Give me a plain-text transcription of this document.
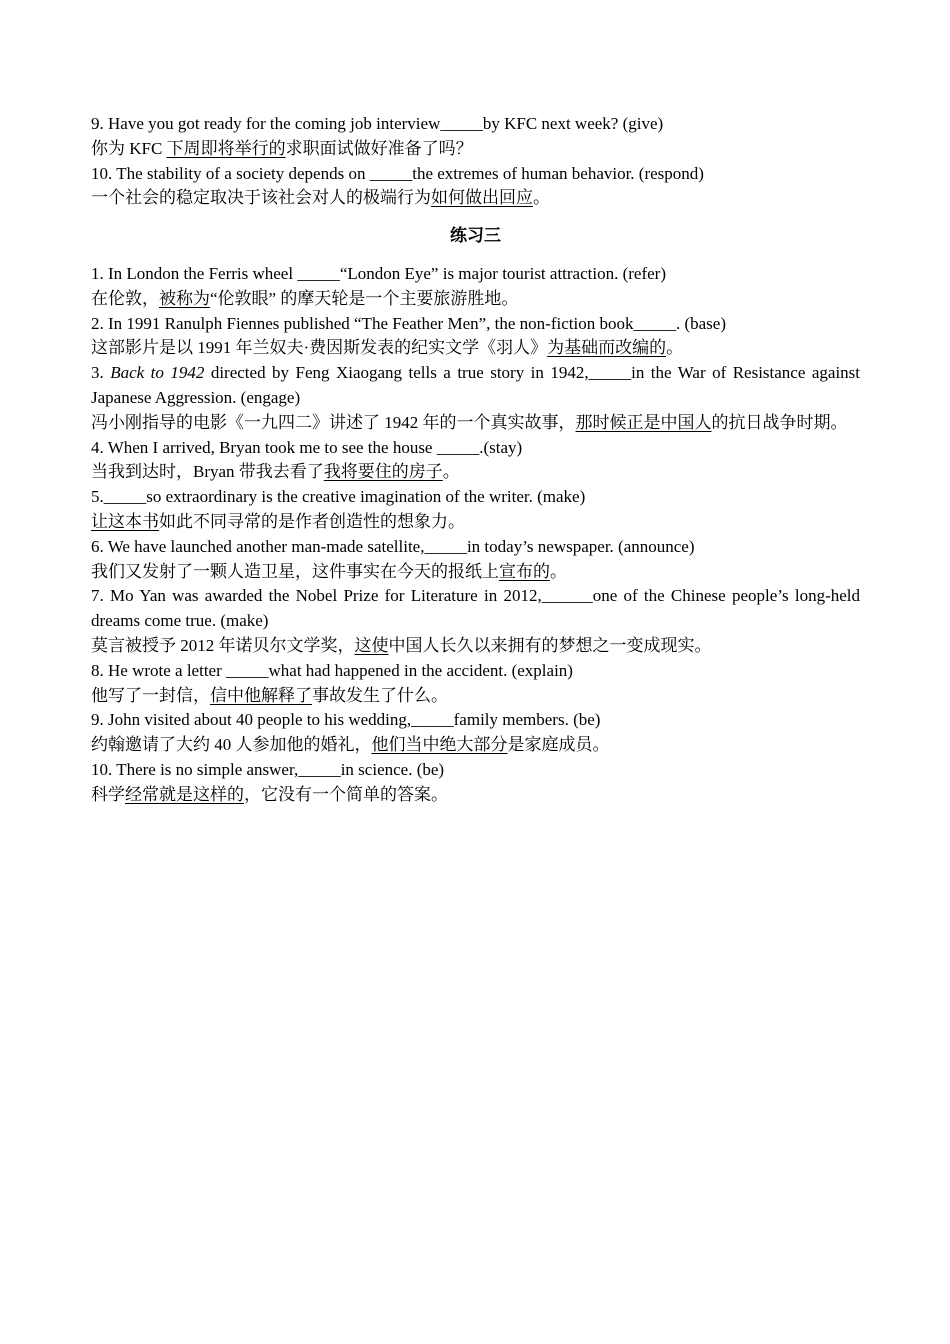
9. Have you got ready for the coming job interview_____by KFC next week? (give)
你为 KFC 下周即将举行的求职面试做好准备了吗？
10. The stability of a society depends on _____the extremes of human behavior. (respond)
一个社会的稳定取决于该社会对人的极端行为如何做出回应。
练习三
1. In London the Ferris wheel _____“London Eye” is major tourist attraction. (refer)
在伦敦，被称为“伦敦眼” 的摩天轮是一个主要旅游胜地。
2. In 1991 Ranulph Fiennes published “The Feather Men”, the non-fiction book_____. (base)
这部影片是以 1991 年兰奴夫·费因斯发表的纪实文学《羽人》为基础而改编的。
3. Back to 1942 directed by Feng Xiaogang tells a true story in 1942,_____in the War of Resistance against Japanese Aggression. (engage)
冯小刚指导的电影《一九四二》讲述了 1942 年的一个真实故事，那时候正是中国人的抗日战争时期。
4. When I arrived, Bryan took me to see the house _____.(stay)
当我到达时，Bryan 带我去看了我将要住的房子。
5._____so extraordinary is the creative imagination of the writer. (make)
让这本书如此不同寻常的是作者创造性的想象力。
6. We have launched another man-made satellite,_____in today’s newspaper. (announce)
我们又发射了一颗人造卫星，这件事实在今天的报纸上宣布的。
7. Mo Yan was awarded the Nobel Prize for Literature in 2012,______one of the Chinese people’s long-held dreams come true. (make)
莫言被授予 2012 年诺贝尔文学奖，这使中国人长久以来拥有的梦想之一变成现实。
8. He wrote a letter _____what had happened in the accident. (explain)
他写了一封信，信中他解释了事故发生了什么。
9. John visited about 40 people to his wedding,_____family members. (be)
约翰邀请了大约 40 人参加他的婚礼，他们当中绝大部分是家庭成员。
10. There is no simple answer,_____in science. (be)
科学经常就是这样的，它没有一个简单的答案。
